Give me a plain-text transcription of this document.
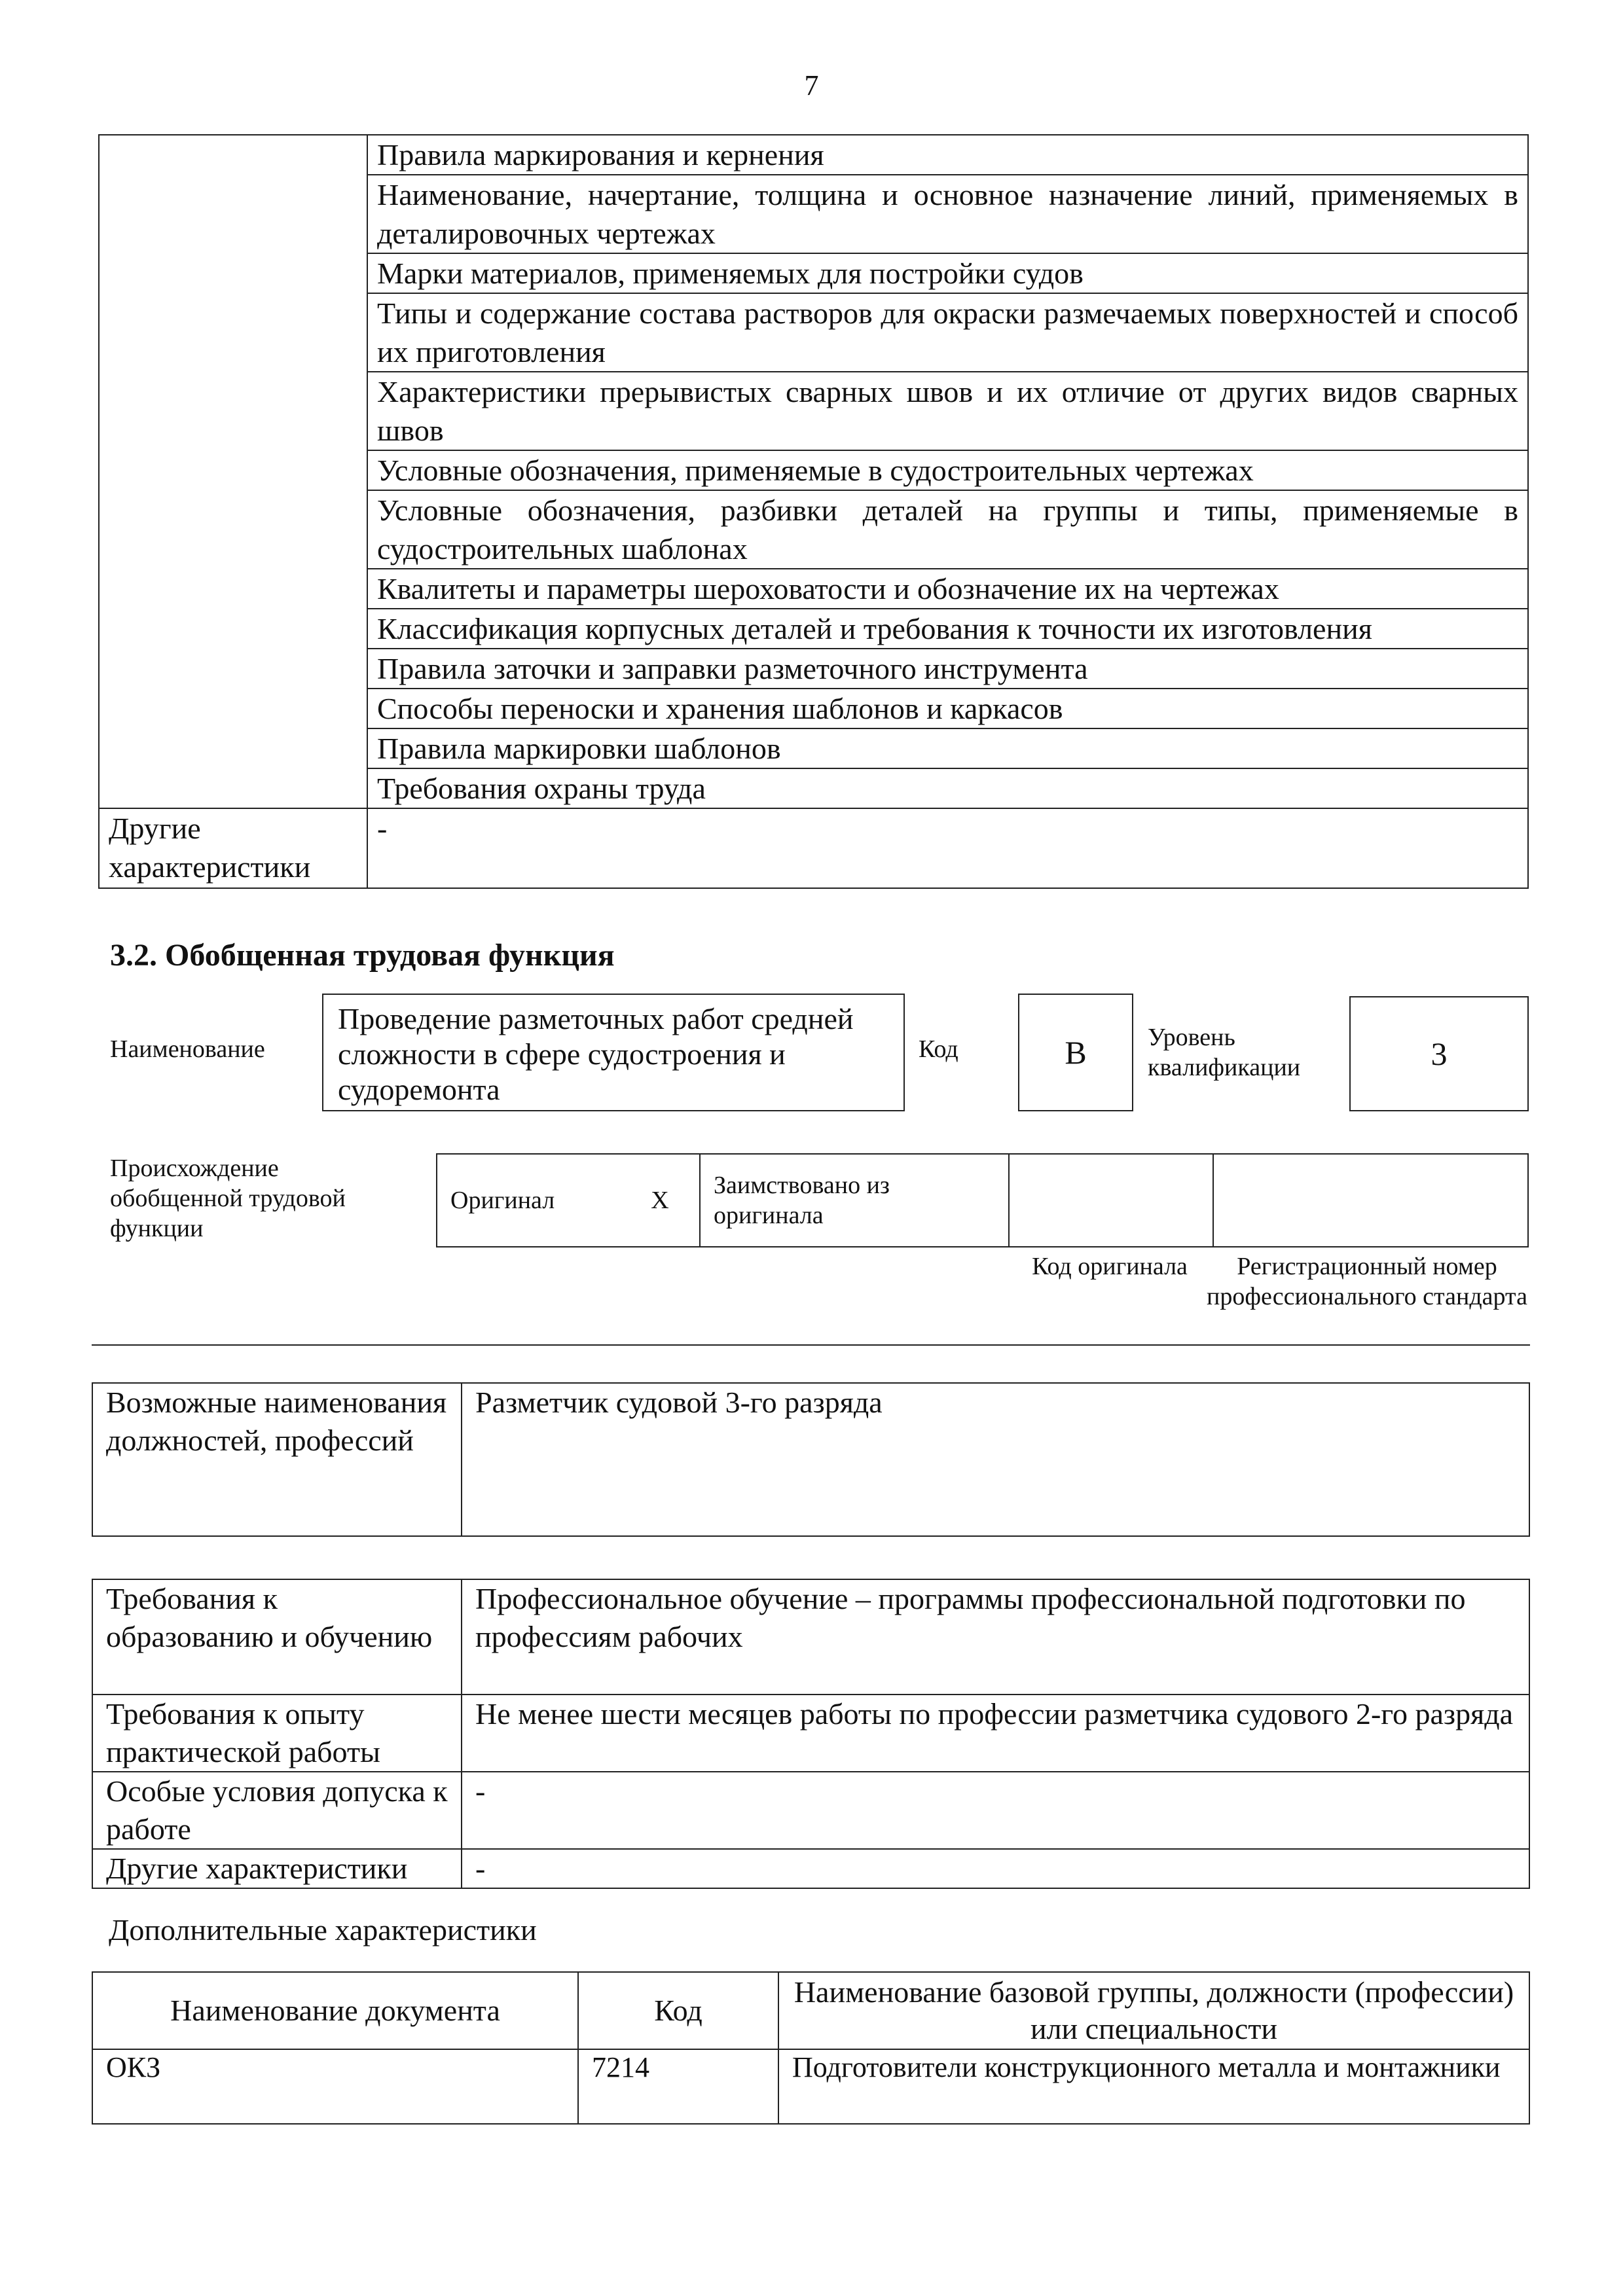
7
	Правила маркирования и кернения
	Наименование, начертание, толщина и основное назначение линий, применяемых в деталировочных чертежах
	Марки материалов, применяемых для постройки судов
	Типы и содержание состава растворов для окраски размечаемых поверхностей и способ их приготовления
	Характеристики прерывистых сварных швов и их отличие от других видов сварных швов
	Условные обозначения, применяемые в судостроительных чертежах
	Условные обозначения, разбивки деталей на группы и типы, применяемые в судостроительных шаблонах
	Квалитеты и параметры шероховатости и обозначение их на чертежах
	Классификация корпусных деталей и требования к точности их изготовления
	Правила заточки и заправки разметочного инструмента
	Способы переноски и хранения шаблонов и каркасов
	Правила маркировки шаблонов
	Требования охраны труда
Другие характеристики	-
3.2. Обобщенная трудовая функция
Наименование
Проведение разметочных работ средней сложности в сфере судостроения и судоремонта
Код	B	Уровень квалификации	3
Происхождение обобщенной трудовой функции
Оригинал	X	Заимствовано из оригинала		
Код оригинала	Регистрационный номер профессионального стандарта
Возможные наименования должностей, профессий	Разметчик судовой 3-го разряда
Требования к образованию и обучению	Профессиональное обучение – программы профессиональной подготовки по профессиям рабочих
Требования к опыту практической работы	Не менее шести месяцев работы по профессии разметчика судового 2-го разряда
Особые условия допуска к работе	-
Другие характеристики	-
Дополнительные характеристики
Наименование документа	Код	Наименование базовой группы, должности (профессии) или специальности
ОКЗ	7214	Подготовители конструкционного металла и монтажники
